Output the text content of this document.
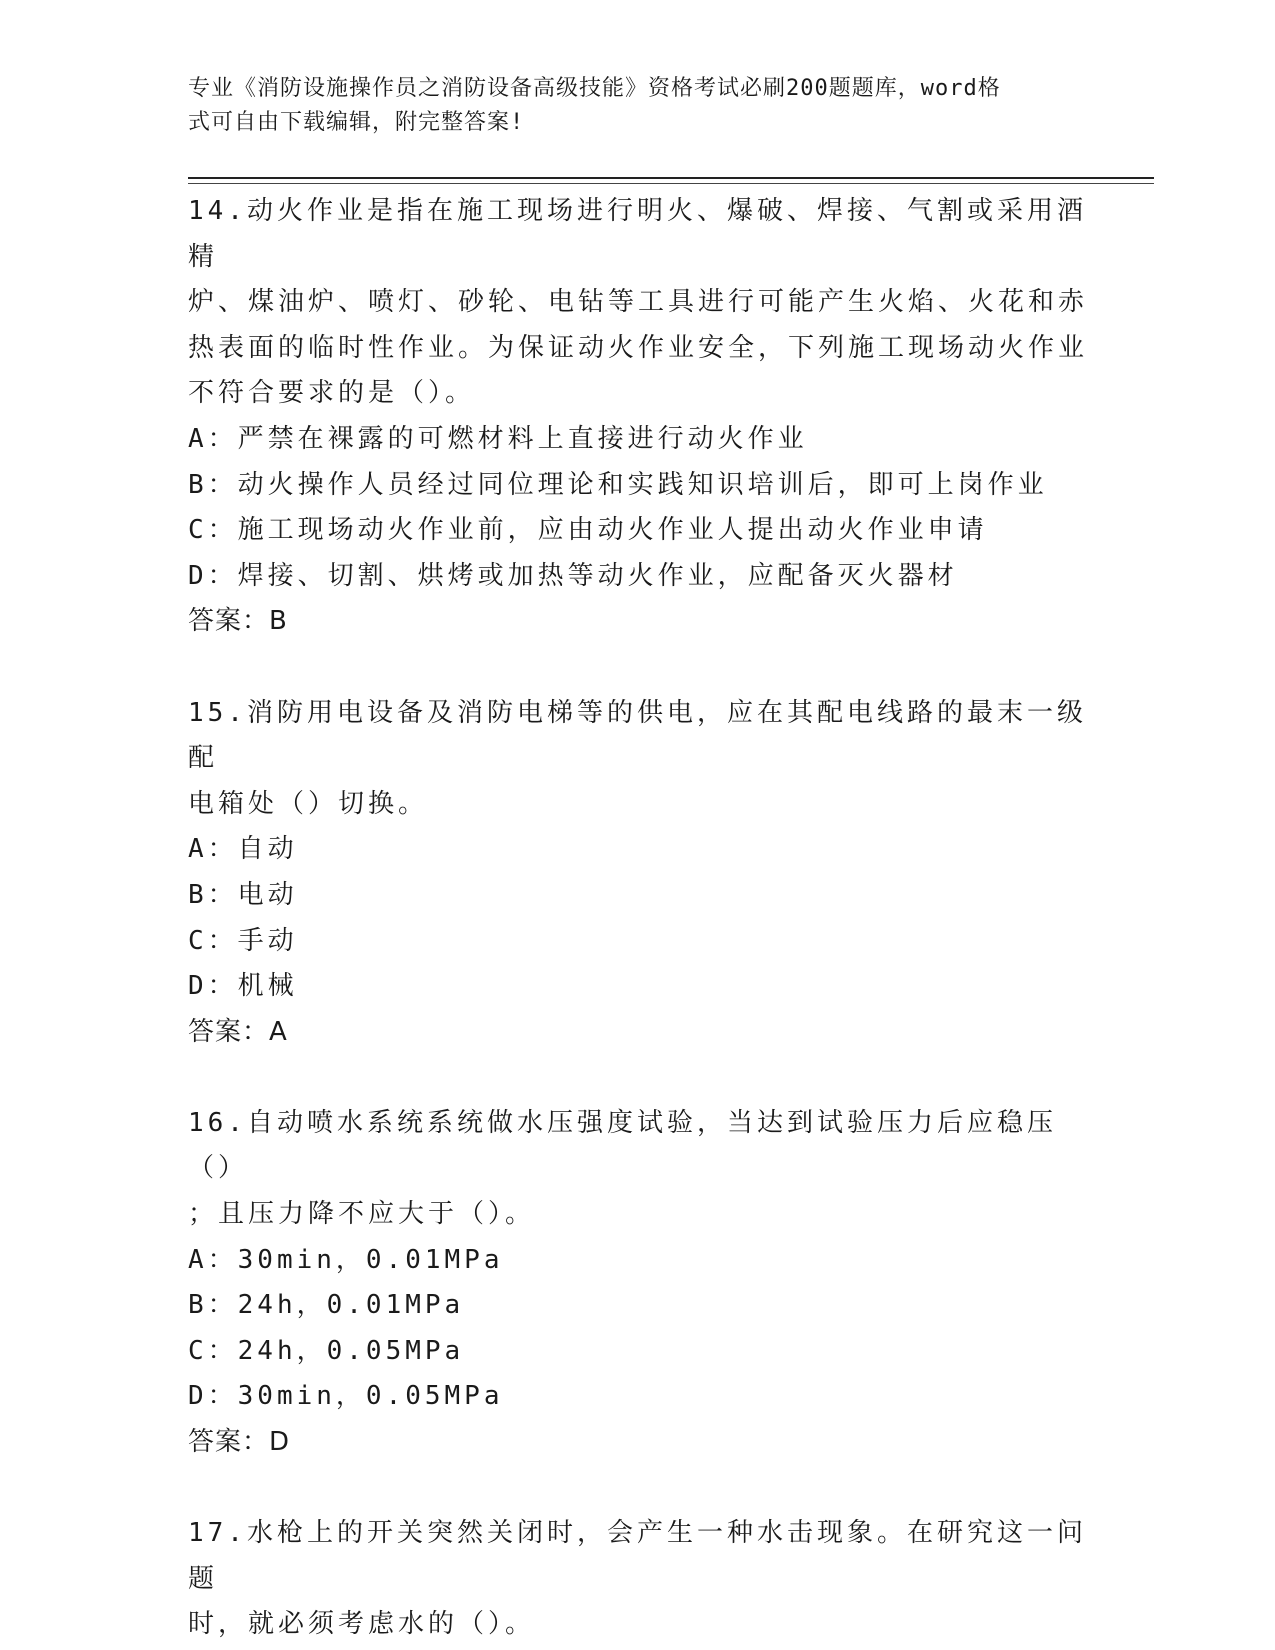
专业《消防设施操作员之消防设备高级技能》资格考试必刷200题题库，word格
式可自由下载编辑，附完整答案!

14.动火作业是指在施工现场进行明火、爆破、焊接、气割或采用酒精

炉、煤油炉、喷灯、砂轮、电钻等工具进行可能产生火焰、火花和赤

热表面的临时性作业。为保证动火作业安全，下列施工现场动火作业

不符合要求的是（）。

A：严禁在裸露的可燃材料上直接进行动火作业

B：动火操作人员经过同位理论和实践知识培训后，即可上岗作业

C：施工现场动火作业前，应由动火作业人提出动火作业申请

D：焊接、切割、烘烤或加热等动火作业，应配备灭火器材

答案：B

15.消防用电设备及消防电梯等的供电，应在其配电线路的最末一级配

电箱处（）切换。

A：自动

B：电动

C：手动

D：机械

答案：A

16.自动喷水系统系统做水压强度试验，当达到试验压力后应稳压（）

；且压力降不应大于（）。

A：30min，0.01MPa

B：24h，0.01MPa

C：24h，0.05MPa

D：30min，0.05MPa

答案：D

17.水枪上的开关突然关闭时，会产生一种水击现象。在研究这一问题

时，就必须考虑水的（）。
